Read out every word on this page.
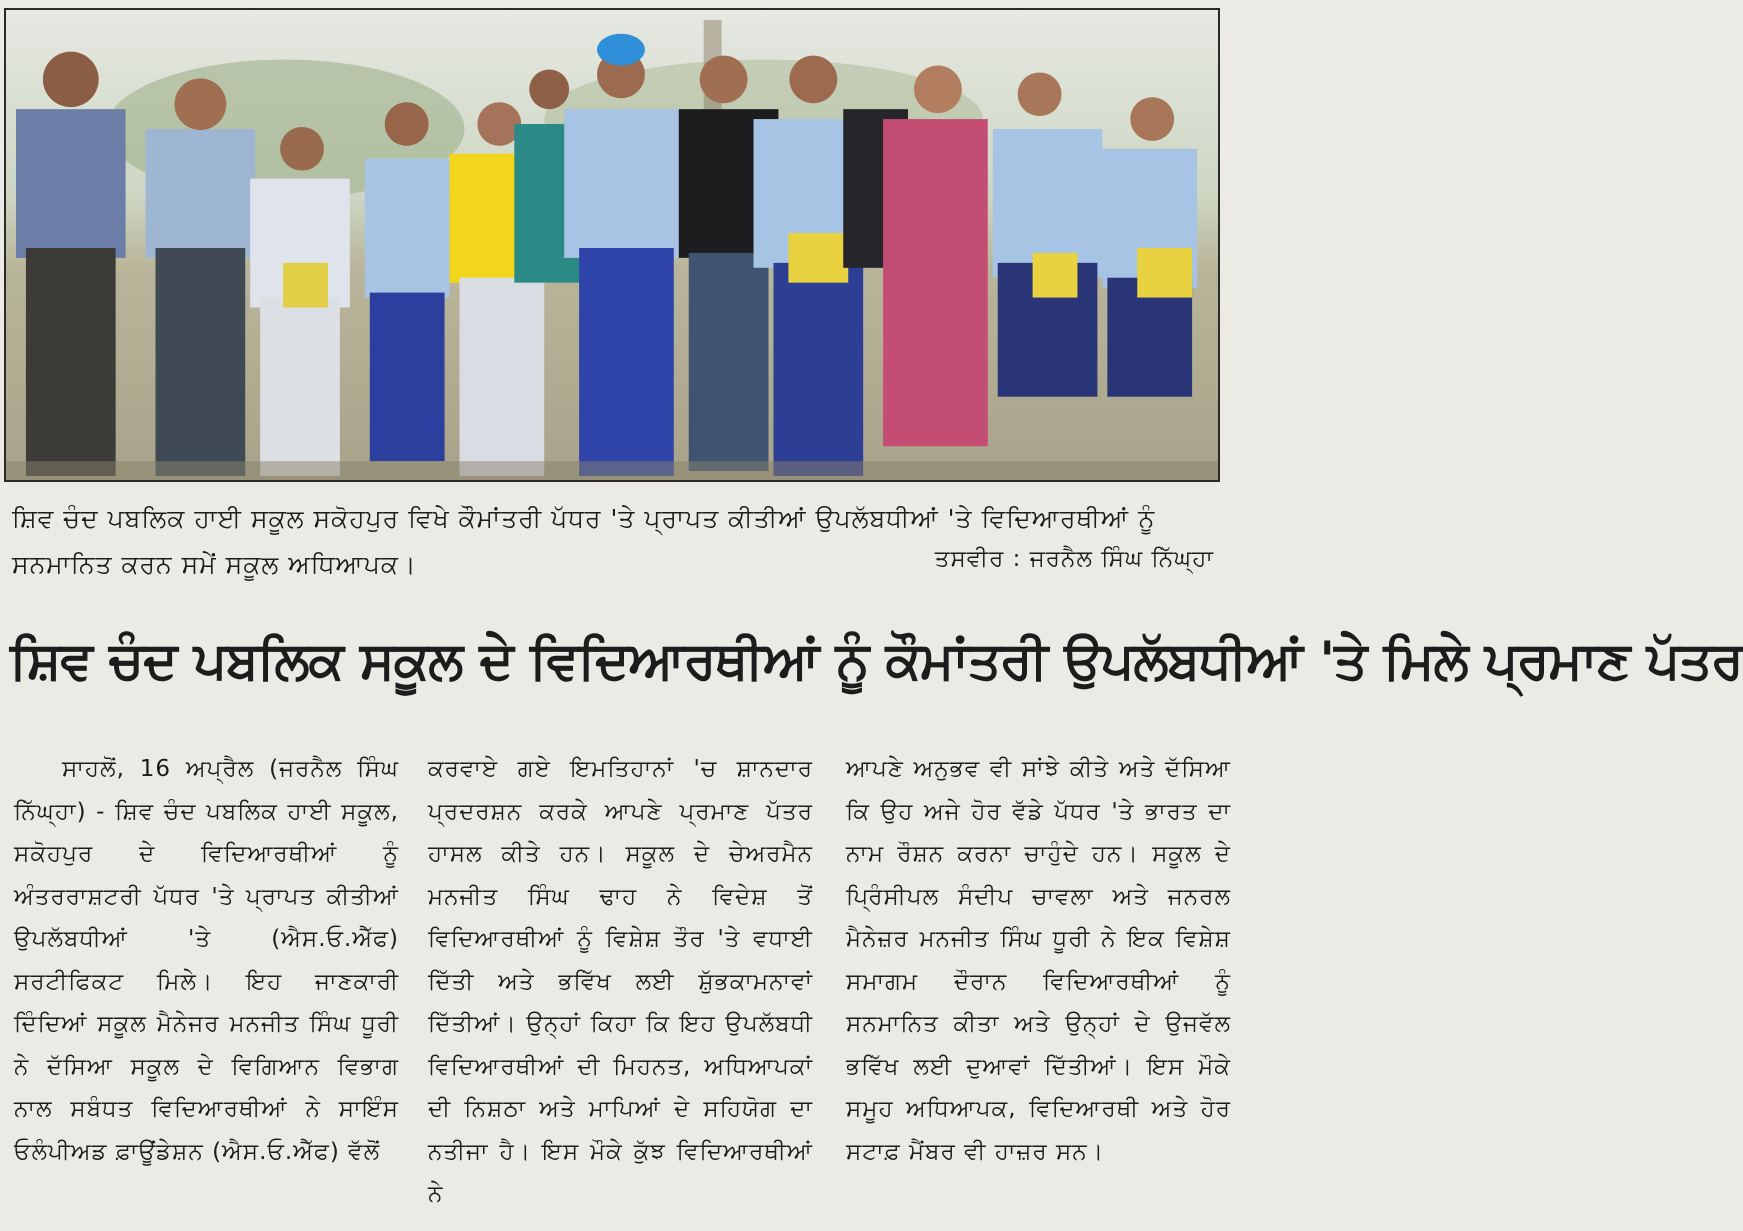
ਸ਼ਿਵ ਚੰਦ ਪਬਲਿਕ ਹਾਈ ਸਕੂਲ ਸਕੋਹਪੁਰ ਵਿਖੇ ਕੌਮਾਂਤਰੀ ਪੱਧਰ 'ਤੇ ਪ੍ਰਾਪਤ ਕੀਤੀਆਂ ਉਪਲੱਬਧੀਆਂ 'ਤੇ ਵਿਦਿਆਰਥੀਆਂ ਨੂੰ ਸਨਮਾਨਿਤ ਕਰਨ ਸਮੇਂ ਸਕੂਲ ਅਧਿਆਪਕ।	ਤਸਵੀਰ : ਜਰਨੈਲ ਸਿੰਘ ਨਿੱਘ੍ਹਾ
ਸ਼ਿਵ ਚੰਦ ਪਬਲਿਕ ਸਕੂਲ ਦੇ ਵਿਦਿਆਰਥੀਆਂ ਨੂੰ ਕੌਮਾਂਤਰੀ ਉਪਲੱਬਧੀਆਂ 'ਤੇ ਮਿਲੇ ਪ੍ਰਮਾਣ ਪੱਤਰ

ਸਾਹਲੋਂ, 16 ਅਪ੍ਰੈਲ (ਜਰਨੈਲ ਸਿੰਘ ਨਿੱਘ੍ਹਾ) - ਸ਼ਿਵ ਚੰਦ ਪਬਲਿਕ ਹਾਈ ਸਕੂਲ, ਸਕੋਹਪੁਰ ਦੇ ਵਿਦਿਆਰਥੀਆਂ ਨੂੰ ਅੰਤਰਰਾਸ਼ਟਰੀ ਪੱਧਰ 'ਤੇ ਪ੍ਰਾਪਤ ਕੀਤੀਆਂ ਉਪਲੱਬਧੀਆਂ 'ਤੇ (ਐਸ.ਓ.ਐੱਫ) ਸਰਟੀਫਿਕਟ ਮਿਲੇ। ਇਹ ਜਾਣਕਾਰੀ ਦਿੰਦਿਆਂ ਸਕੂਲ ਮੈਨੇਜਰ ਮਨਜੀਤ ਸਿੰਘ ਧੂਰੀ ਨੇ ਦੱਸਿਆ ਸਕੂਲ ਦੇ ਵਿਗਿਆਨ ਵਿਭਾਗ ਨਾਲ ਸਬੰਧਤ ਵਿਦਿਆਰਥੀਆਂ ਨੇ ਸਾਇੰਸ ਓਲੰਪੀਅਡ ਫ਼ਾਊਂਡੇਸ਼ਨ (ਐਸ.ਓ.ਐੱਫ) ਵੱਲੋਂ

ਕਰਵਾਏ ਗਏ ਇਮਤਿਹਾਨਾਂ 'ਚ ਸ਼ਾਨਦਾਰ ਪ੍ਰਦਰਸ਼ਨ ਕਰਕੇ ਆਪਣੇ ਪ੍ਰਮਾਣ ਪੱਤਰ ਹਾਸਲ ਕੀਤੇ ਹਨ। ਸਕੂਲ ਦੇ ਚੇਅਰਮੈਨ ਮਨਜੀਤ ਸਿੰਘ ਢਾਹ ਨੇ ਵਿਦੇਸ਼ ਤੋਂ ਵਿਦਿਆਰਥੀਆਂ ਨੂੰ ਵਿਸ਼ੇਸ਼ ਤੌਰ 'ਤੇ ਵਧਾਈ ਦਿੱਤੀ ਅਤੇ ਭਵਿੱਖ ਲਈ ਸ਼ੁੱਭਕਾਮਨਾਵਾਂ ਦਿੱਤੀਆਂ। ਉਨ੍ਹਾਂ ਕਿਹਾ ਕਿ ਇਹ ਉਪਲੱਬਧੀ ਵਿਦਿਆਰਥੀਆਂ ਦੀ ਮਿਹਨਤ, ਅਧਿਆਪਕਾਂ ਦੀ ਨਿਸ਼ਠਾ ਅਤੇ ਮਾਪਿਆਂ ਦੇ ਸਹਿਯੋਗ ਦਾ ਨਤੀਜਾ ਹੈ। ਇਸ ਮੌਕੇ ਕੁੱਝ ਵਿਦਿਆਰਥੀਆਂ ਨੇ

ਆਪਣੇ ਅਨੁਭਵ ਵੀ ਸਾਂਝੇ ਕੀਤੇ ਅਤੇ ਦੱਸਿਆ ਕਿ ਉਹ ਅਜੇ ਹੋਰ ਵੱਡੇ ਪੱਧਰ 'ਤੇ ਭਾਰਤ ਦਾ ਨਾਮ ਰੌਸ਼ਨ ਕਰਨਾ ਚਾਹੁੰਦੇ ਹਨ। ਸਕੂਲ ਦੇ ਪ੍ਰਿੰਸੀਪਲ ਸੰਦੀਪ ਚਾਵਲਾ ਅਤੇ ਜਨਰਲ ਮੈਨੇਜ਼ਰ ਮਨਜੀਤ ਸਿੰਘ ਧੂਰੀ ਨੇ ਇਕ ਵਿਸ਼ੇਸ਼ ਸਮਾਗਮ ਦੌਰਾਨ ਵਿਦਿਆਰਥੀਆਂ ਨੂੰ ਸਨਮਾਨਿਤ ਕੀਤਾ ਅਤੇ ਉਨ੍ਹਾਂ ਦੇ ਉਜਵੱਲ ਭਵਿੱਖ ਲਈ ਦੁਆਵਾਂ ਦਿੱਤੀਆਂ। ਇਸ ਮੌਕੇ ਸਮੂਹ ਅਧਿਆਪਕ, ਵਿਦਿਆਰਥੀ ਅਤੇ ਹੋਰ ਸਟਾਫ਼ ਮੈਂਬਰ ਵੀ ਹਾਜ਼ਰ ਸਨ।
